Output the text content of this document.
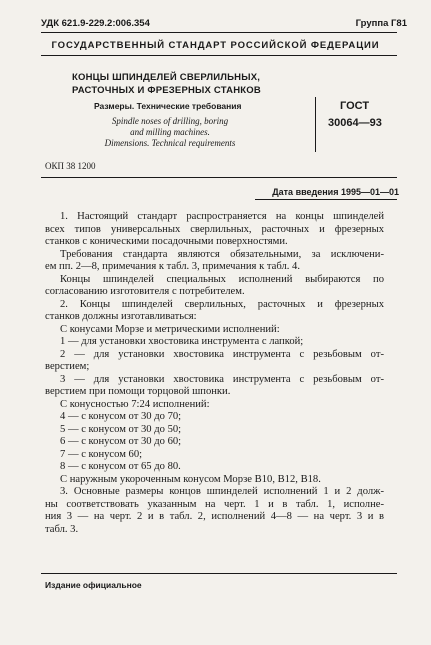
УДК 621.9-229.2:006.354	Группа Г81
ГОСУДАРСТВЕННЫЙ СТАНДАРТ РОССИЙСКОЙ ФЕДЕРАЦИИ
КОНЦЫ ШПИНДЕЛЕЙ СВЕРЛИЛЬНЫХ,
РАСТОЧНЫХ И ФРЕЗЕРНЫХ СТАНКОВ
Размеры. Технические требования
Spindle noses of drilling, boring
and milling machines.
Dimensions. Technical requirements
ГОСТ
30064—93
ОКП 38 1200
Дата введения 1995—01—01
1. Настоящий стандарт распространяется на концы шпинделей
всех типов универсальных сверлильных, расточных и фрезерных
станков с коническими посадочными поверхностями.
Требования стандарта являются обязательными, за исключени-
ем пп. 2—8, примечания к табл. 3, примечания к табл. 4.
Концы шпинделей специальных исполнений выбираются по
согласованию изготовителя с потребителем.
2. Концы шпинделей сверлильных, расточных и фрезерных
станков должны изготавливаться:
С конусами Морзе и метрическими исполнений:
1 — для установки хвостовика инструмента с лапкой;
2 — для установки хвостовика инструмента с резьбовым от-
верстием;
3 — для установки хвостовика инструмента с резьбовым от-
верстием при помощи торцовой шпонки.
С конусностью 7:24 исполнений:
4 — с конусом от 30 до 70;
5 — с конусом от 30 до 50;
6 — с конусом от 30 до 60;
7 — с конусом 60;
8 — с конусом от 65 до 80.
С наружным укороченным конусом Морзе В10, В12, В18.
3. Основные размеры концов шпинделей исполнений 1 и 2 долж-
ны соответствовать указанным на черт. 1 и в табл. 1, исполне-
ния 3 — на черт. 2 и в табл. 2, исполнений 4—8 — на черт. 3 и в
табл. 3.
Издание официальное
